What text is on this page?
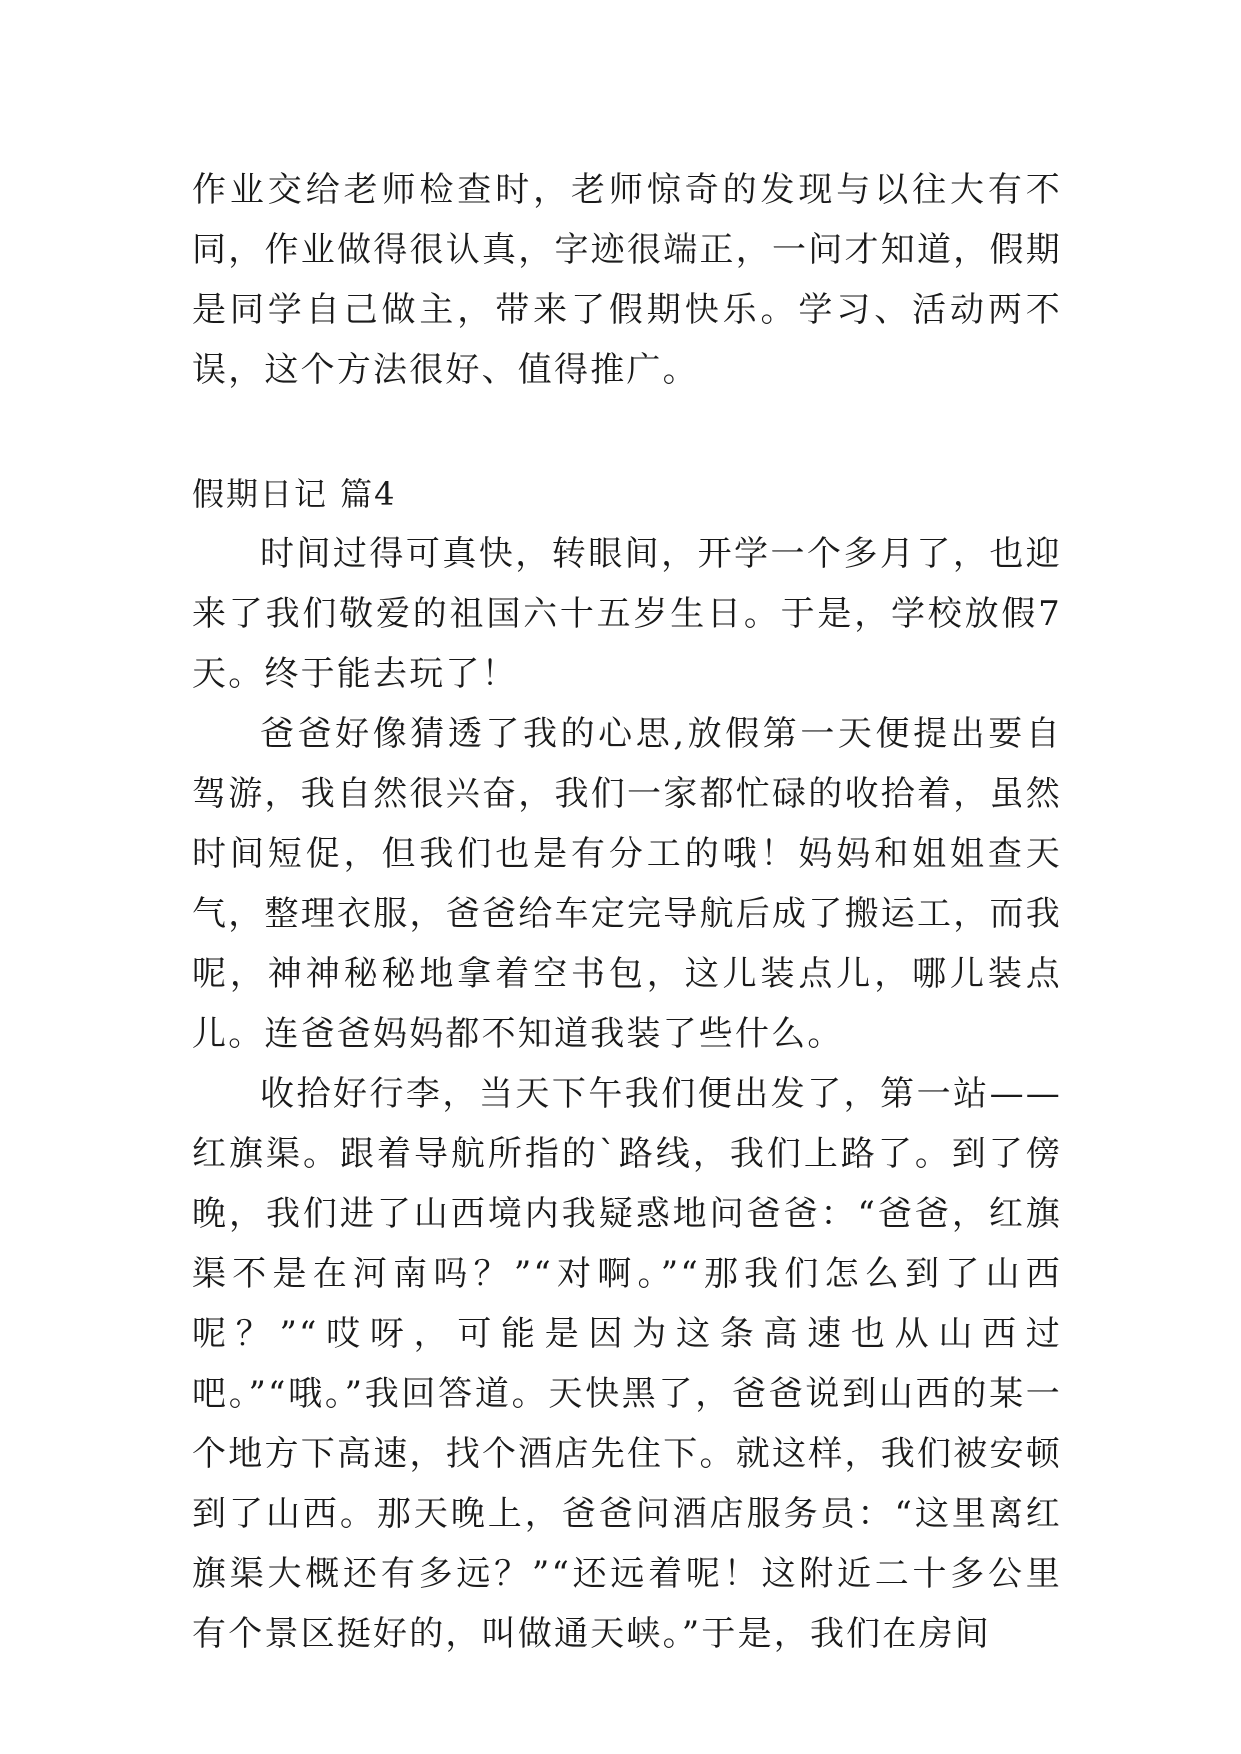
作业交给老师检查时，老师惊奇的发现与以往大有不同，作业做得很认真，字迹很端正，一问才知道，假期是同学自己做主，带来了假期快乐。学习、活动两不误，这个方法很好、值得推广。

假期日记 篇4

时间过得可真快，转眼间，开学一个多月了，也迎来了我们敬爱的祖国六十五岁生日。于是，学校放假7天。终于能去玩了！

爸爸好像猜透了我的心思,放假第一天便提出要自驾游，我自然很兴奋，我们一家都忙碌的收拾着，虽然时间短促，但我们也是有分工的哦！妈妈和姐姐查天气，整理衣服，爸爸给车定完导航后成了搬运工，而我呢，神神秘秘地拿着空书包，这儿装点儿，哪儿装点儿。连爸爸妈妈都不知道我装了些什么。

收拾好行李，当天下午我们便出发了，第一站——红旗渠。跟着导航所指的`路线，我们上路了。到了傍晚，我们进了山西境内我疑惑地问爸爸：“爸爸，红旗渠不是在河南吗？”“对啊。”“那我们怎么到了山西呢？”“哎呀，可能是因为这条高速也从山西过吧。”“哦。”我回答道。天快黑了，爸爸说到山西的某一个地方下高速，找个酒店先住下。就这样，我们被安顿到了山西。那天晚上，爸爸问酒店服务员：“这里离红旗渠大概还有多远？”“还远着呢！这附近二十多公里有个景区挺好的，叫做通天峡。”于是，我们在房间
